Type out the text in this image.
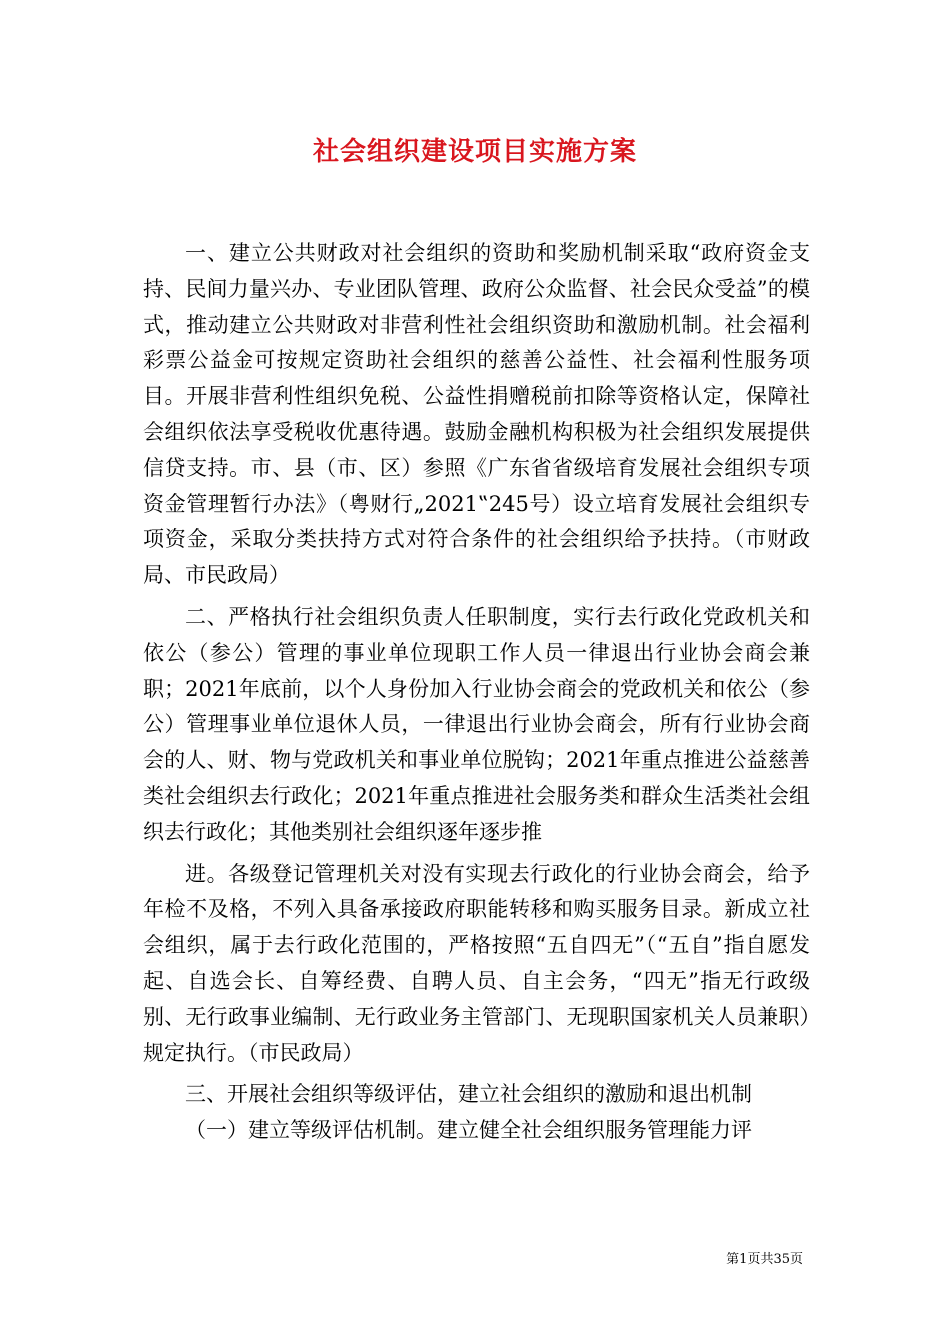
社会组织建设项目实施方案

一、建立公共财政对社会组织的资助和奖励机制采取“政府资金支持、民间力量兴办、专业团队管理、政府公众监督、社会民众受益”的模式，推动建立公共财政对非营利性社会组织资助和激励机制。社会福利彩票公益金可按规定资助社会组织的慈善公益性、社会福利性服务项目。开展非营利性组织免税、公益性捐赠税前扣除等资格认定，保障社会组织依法享受税收优惠待遇。鼓励金融机构积极为社会组织发展提供信贷支持。市、县（市、区）参照《广东省省级培育发展社会组织专项资金管理暂行办法》（粤财行„2021‟245号）设立培育发展社会组织专项资金，采取分类扶持方式对符合条件的社会组织给予扶持。（市财政局、市民政局）

二、严格执行社会组织负责人任职制度，实行去行政化党政机关和依公（参公）管理的事业单位现职工作人员一律退出行业协会商会兼职；2021年底前，以个人身份加入行业协会商会的党政机关和依公（参公）管理事业单位退休人员，一律退出行业协会商会，所有行业协会商会的人、财、物与党政机关和事业单位脱钩；2021年重点推进公益慈善类社会组织去行政化；2021年重点推进社会服务类和群众生活类社会组织去行政化；其他类别社会组织逐年逐步推

进。各级登记管理机关对没有实现去行政化的行业协会商会，给予年检不及格，不列入具备承接政府职能转移和购买服务目录。新成立社会组织，属于去行政化范围的，严格按照“五自四无”（“五自”指自愿发起、自选会长、自筹经费、自聘人员、自主会务，“四无”指无行政级别、无行政事业编制、无行政业务主管部门、无现职国家机关人员兼职）规定执行。（市民政局）

三、开展社会组织等级评估，建立社会组织的激励和退出机制

（一）建立等级评估机制。建立健全社会组织服务管理能力评

第1页共35页
